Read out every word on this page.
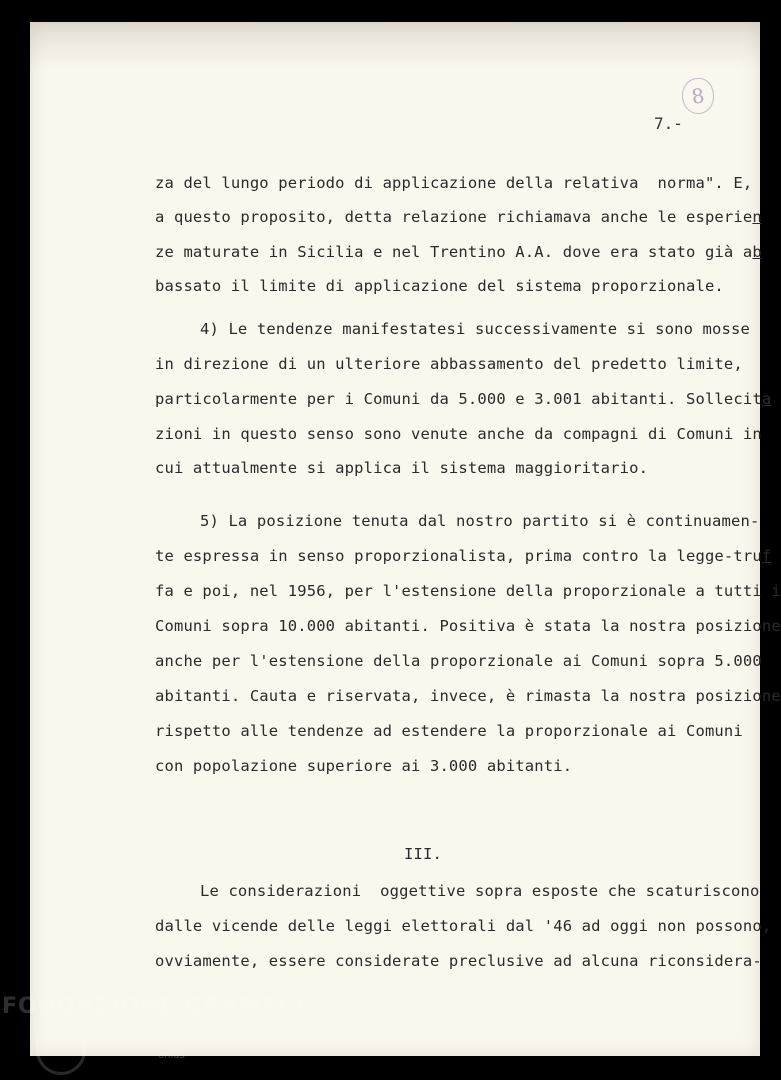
8
7.-
za del lungo periodo di applicazione della relativa  norma". E,
a questo proposito, detta relazione richiamava anche le esperien
ze maturate in Sicilia e nel Trentino A.A. dove era stato già ab
bassato il limite di applicazione del sistema proporzionale.
4) Le tendenze manifestatesi successivamente si sono mosse
in direzione di un ulteriore abbassamento del predetto limite,
particolarmente per i Comuni da 5.000 e 3.001 abitanti. Sollecita
zioni in questo senso sono venute anche da compagni di Comuni in
cui attualmente si applica il sistema maggioritario.
5) La posizione tenuta dal nostro partito si è continuamen-
te espressa in senso proporzionalista, prima contro la legge-truf
fa e poi, nel 1956, per l'estensione della proporzionale a tutti i
Comuni sopra 10.000 abitanti. Positiva è stata la nostra posizione
anche per l'estensione della proporzionale ai Comuni sopra 5.000
abitanti. Cauta e riservata, invece, è rimasta la nostra posizione
rispetto alle tendenze ad estendere la proporzionale ai Comuni
con popolazione superiore ai 3.000 abitanti.
III.
Le considerazioni  oggettive sopra esposte che scaturiscono
dalle vicende delle leggi elettorali dal '46 ad oggi non possono,
ovviamente, essere considerate preclusive ad alcuna riconsidera-
FONDAZIONE GRAMSCI
onlus
